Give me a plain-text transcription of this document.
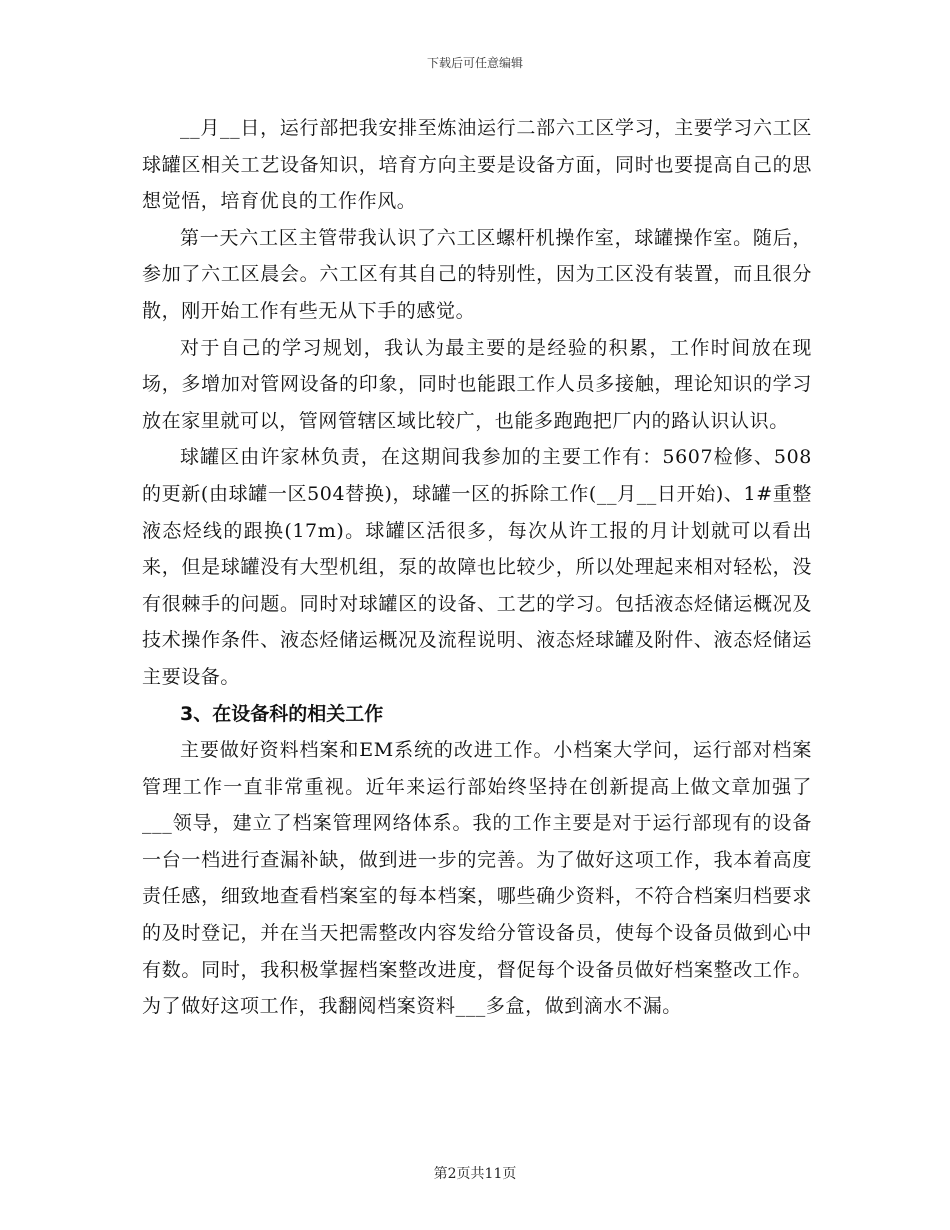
下载后可任意编辑

__月__日，运行部把我安排至炼油运行二部六工区学习，主要学习六工区球罐区相关工艺设备知识，培育方向主要是设备方面，同时也要提高自己的思想觉悟，培育优良的工作作风。

第一天六工区主管带我认识了六工区螺杆机操作室，球罐操作室。随后，参加了六工区晨会。六工区有其自己的特别性，因为工区没有装置，而且很分散，刚开始工作有些无从下手的感觉。

对于自己的学习规划，我认为最主要的是经验的积累，工作时间放在现场，多增加对管网设备的印象，同时也能跟工作人员多接触，理论知识的学习放在家里就可以，管网管辖区域比较广，也能多跑跑把厂内的路认识认识。

球罐区由许家林负责，在这期间我参加的主要工作有：5607检修、508的更新(由球罐一区504替换)，球罐一区的拆除工作(__月__日开始)、1#重整液态烃线的跟换(17m)。球罐区活很多，每次从许工报的月计划就可以看出来，但是球罐没有大型机组，泵的故障也比较少，所以处理起来相对轻松，没有很棘手的问题。同时对球罐区的设备、工艺的学习。包括液态烃储运概况及技术操作条件、液态烃储运概况及流程说明、液态烃球罐及附件、液态烃储运主要设备。

3、在设备科的相关工作

主要做好资料档案和EM系统的改进工作。小档案大学问，运行部对档案管理工作一直非常重视。近年来运行部始终坚持在创新提高上做文章加强了___领导，建立了档案管理网络体系。我的工作主要是对于运行部现有的设备一台一档进行查漏补缺，做到进一步的完善。为了做好这项工作，我本着高度责任感，细致地查看档案室的每本档案，哪些确少资料，不符合档案归档要求的及时登记，并在当天把需整改内容发给分管设备员，使每个设备员做到心中有数。同时，我积极掌握档案整改进度，督促每个设备员做好档案整改工作。为了做好这项工作，我翻阅档案资料___多盒，做到滴水不漏。

第2页共11页
